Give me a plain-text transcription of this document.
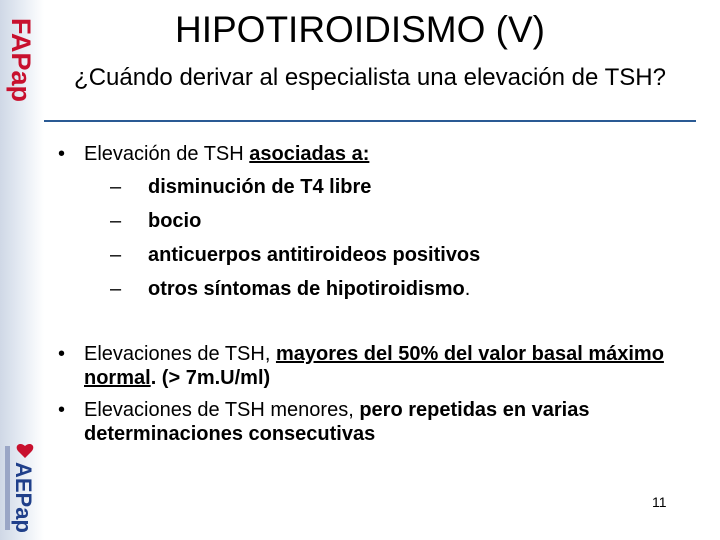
FAPap
AEPap
HIPOTIROIDISMO (V)

¿Cuándo derivar al especialista una elevación de TSH?

• Elevación de TSH asociadas a:
– disminución de T4 libre
– bocio
– anticuerpos antitiroideos positivos
– otros síntomas de hipotiroidismo.
• Elevaciones de TSH, mayores del 50% del valor basal máximo normal. (> 7m.U/ml)
• Elevaciones de TSH menores, pero repetidas en varias determinaciones consecutivas
11
